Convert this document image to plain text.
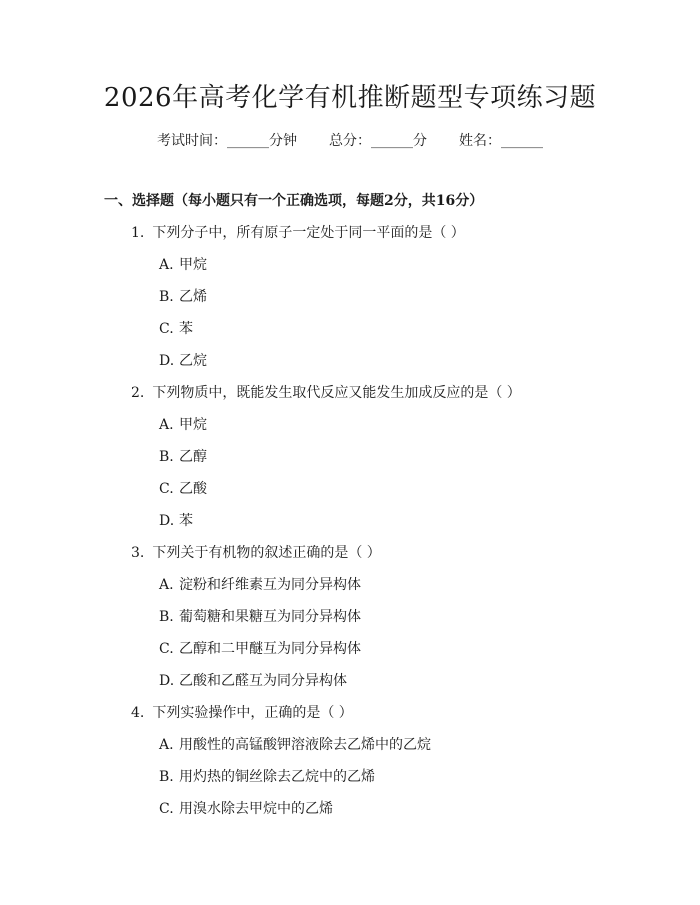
2026年高考化学有机推断题型专项练习题
考试时间：______分钟 总分：______分 姓名：______
一、选择题（每小题只有一个正确选项，每题2分，共16分）
1. 下列分子中，所有原子一定处于同一平面的是（ ）
A. 甲烷
B. 乙烯
C. 苯
D. 乙烷
2. 下列物质中，既能发生取代反应又能发生加成反应的是（ ）
A. 甲烷
B. 乙醇
C. 乙酸
D. 苯
3. 下列关于有机物的叙述正确的是（ ）
A. 淀粉和纤维素互为同分异构体
B. 葡萄糖和果糖互为同分异构体
C. 乙醇和二甲醚互为同分异构体
D. 乙酸和乙醛互为同分异构体
4. 下列实验操作中，正确的是（ ）
A. 用酸性的高锰酸钾溶液除去乙烯中的乙烷
B. 用灼热的铜丝除去乙烷中的乙烯
C. 用溴水除去甲烷中的乙烯
